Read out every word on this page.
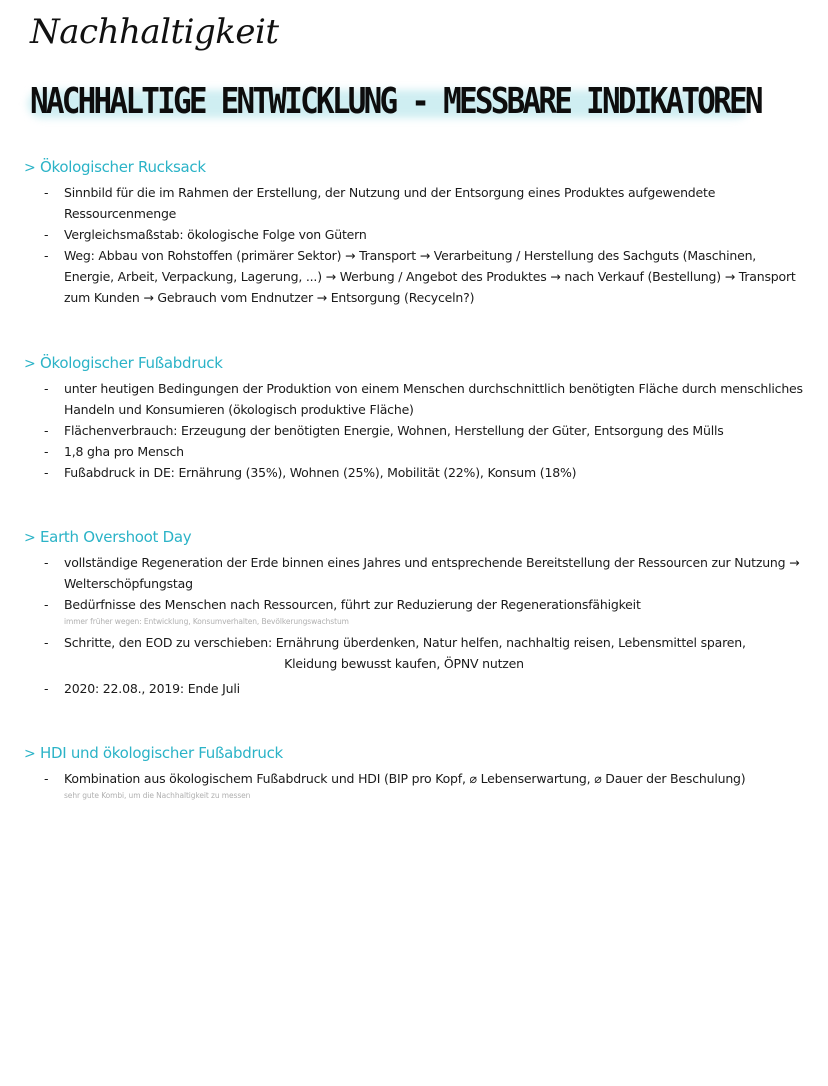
Nachhaltigkeit
NACHHALTIGE ENTWICKLUNG - MESSBARE INDIKATOREN
> Ökologischer Rucksack
- Sinnbild für die im Rahmen der Erstellung, der Nutzung und der Entsorgung eines Produktes aufgewendete Ressourcenmenge
- Vergleichsmaßstab: ökologische Folge von Gütern
- Weg: Abbau von Rohstoffen (primärer Sektor) → Transport → Verarbeitung / Herstellung des Sachguts (Maschinen, Energie, Arbeit, Verpackung, Lagerung, ...) → Werbung / Angebot des Produktes → nach Verkauf (Bestellung) → Transport zum Kunden → Gebrauch vom Endnutzer → Entsorgung (Recyceln?)
> Ökologischer Fußabdruck
- unter heutigen Bedingungen der Produktion von einem Menschen durchschnittlich benötigten Fläche durch menschliches Handeln und Konsumieren (ökologisch produktive Fläche)
- Flächenverbrauch: Erzeugung der benötigten Energie, Wohnen, Herstellung der Güter, Entsorgung des Mülls
- 1,8 gha pro Mensch
- Fußabdruck in DE: Ernährung (35%), Wohnen (25%), Mobilität (22%), Konsum (18%)
> Earth Overshoot Day
- vollständige Regeneration der Erde binnen eines Jahres und entsprechende Bereitstellung der Ressourcen zur Nutzung → Welterschöpfungstag
- Bedürfnisse des Menschen nach Ressourcen, führt zur Reduzierung der Regenerationsfähigkeit
immer früher wegen: Entwicklung, Konsumverhalten, Bevölkerungswachstum
- Schritte, den EOD zu verschieben: Ernährung überdenken, Natur helfen, nachhaltig reisen, Lebensmittel sparen,
Kleidung bewusst kaufen, ÖPNV nutzen
- 2020: 22.08., 2019: Ende Juli
> HDI und ökologischer Fußabdruck
- Kombination aus ökologischem Fußabdruck und HDI (BIP pro Kopf, ⌀ Lebenserwartung, ⌀ Dauer der Beschulung)
sehr gute Kombi, um die Nachhaltigkeit zu messen
